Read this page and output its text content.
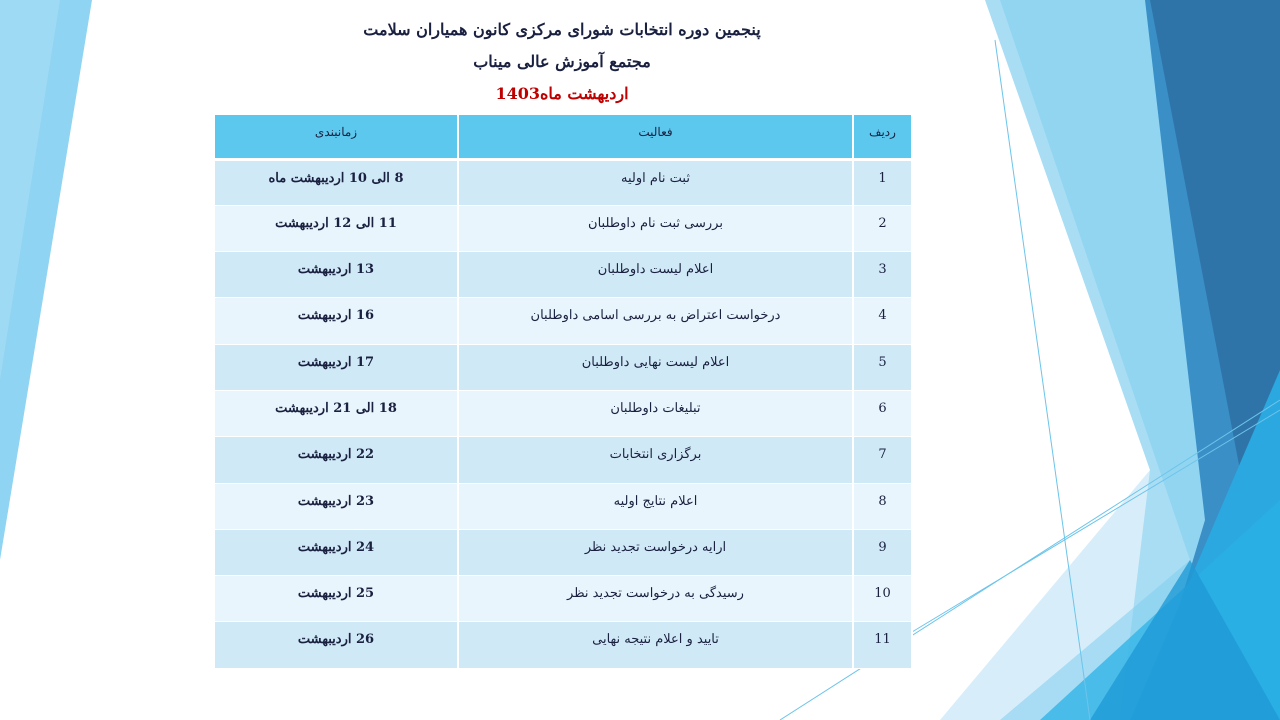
پنجمین دوره انتخابات شورای مرکزی کانون همیاران سلامت
مجتمع آموزش عالی میناب
اردیهشت ماه1403
ردیف	فعالیت	زمانبندی
1	ثبت نام اولیه	8 الی 10 اردیبهشت ماه
2	بررسی ثبت نام داوطلبان	11 الی 12 اردیبهشت
3	اعلام لیست داوطلبان	13 اردیبهشت
4	درخواست اعتراض به بررسی اسامی داوطلبان	16 اردیبهشت
5	اعلام لیست نهایی داوطلبان	17 اردیبهشت
6	تبلیغات داوطلبان	18 الی 21 اردیبهشت
7	برگزاری انتخابات	22 اردیبهشت
8	اعلام نتایج اولیه	23 اردیبهشت
9	ارایه درخواست تجدید نظر	24 اردیبهشت
10	رسیدگی به درخواست تجدید نظر	25 اردیبهشت
11	تایید و اعلام نتیجه نهایی	26 اردیبهشت
